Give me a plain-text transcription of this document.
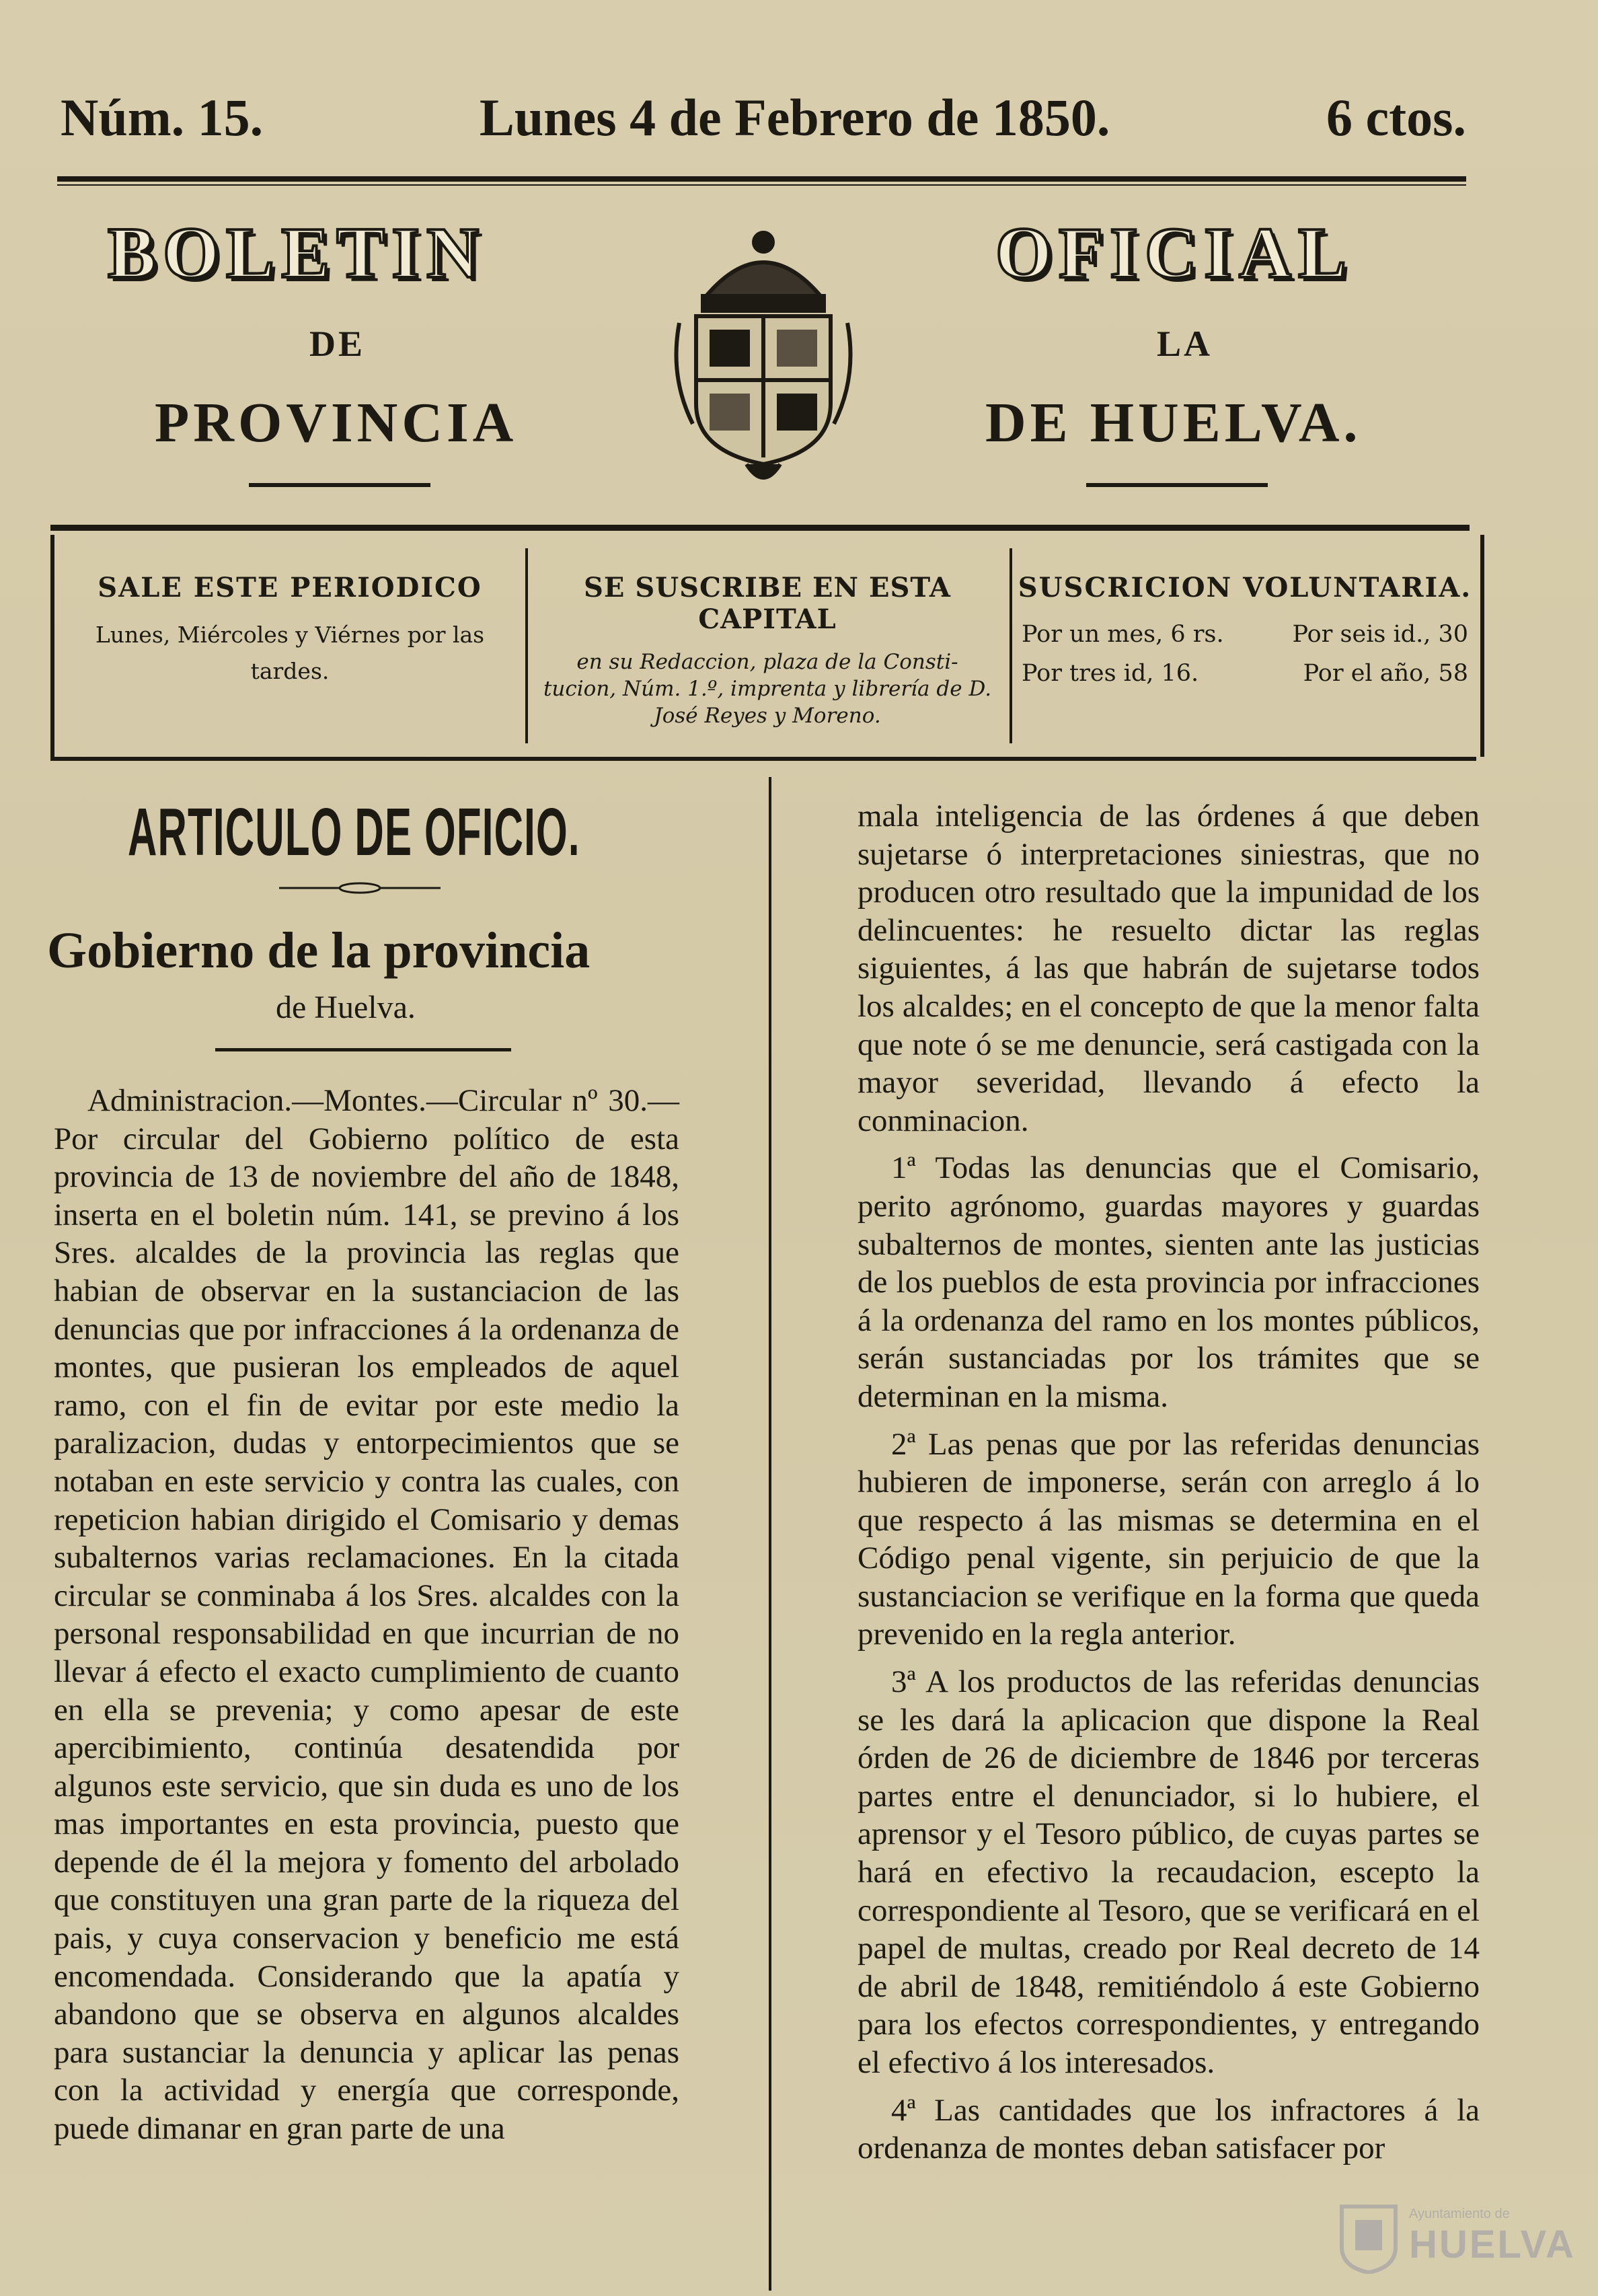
Núm. 15.	Lunes 4 de Febrero de 1850.	6 ctos.
BOLETIN	OFICIAL
DE	LA
PROVINCIA	DE HUELVA.
SALE ESTE PERIODICO
Lunes, Miércoles y Viérnes por las tardes.
SE SUSCRIBE EN ESTA CAPITAL
en su Redaccion, plaza de la Consti-tucion, Núm. 1.º, imprenta y librería de D. José Reyes y Moreno.
SUSCRICION VOLUNTARIA.
Por un mes, 6 rs.	Por seis id., 30
Por tres id, 16.	Por el año, 58
ARTICULO DE OFICIO.
Gobierno de la provincia
de Huelva.

Administracion.—Montes.—Circular nº 30.—Por circular del Gobierno político de esta provincia de 13 de noviembre del año de 1848, inserta en el boletin núm. 141, se previno á los Sres. alcaldes de la provincia las reglas que habian de observar en la sustanciacion de las denuncias que por infracciones á la ordenanza de montes, que pusieran los empleados de aquel ramo, con el fin de evitar por este medio la paralizacion, dudas y entorpecimientos que se notaban en este servicio y contra las cuales, con repeticion habian dirigido el Comisario y demas subalternos varias reclamaciones. En la citada circular se conminaba á los Sres. alcaldes con la personal responsabilidad en que incurrian de no llevar á efecto el exacto cumplimiento de cuanto en ella se prevenia; y como apesar de este apercibimiento, continúa desatendida por algunos este servicio, que sin duda es uno de los mas importantes en esta provincia, puesto que depende de él la mejora y fomento del arbolado que constituyen una gran parte de la riqueza del pais, y cuya conservacion y beneficio me está encomendada. Considerando que la apatía y abandono que se observa en algunos alcaldes para sustanciar la denuncia y aplicar las penas con la actividad y energía que corresponde, puede dimanar en gran parte de una

mala inteligencia de las órdenes á que deben sujetarse ó interpretaciones siniestras, que no producen otro resultado que la impunidad de los delincuentes: he resuelto dictar las reglas siguientes, á las que habrán de sujetarse todos los alcaldes; en el concepto de que la menor falta que note ó se me denuncie, será castigada con la mayor severidad, llevando á efecto la conminacion.

1ª Todas las denuncias que el Comisario, perito agrónomo, guardas mayores y guardas subalternos de montes, sienten ante las justicias de los pueblos de esta provincia por infracciones á la ordenanza del ramo en los montes públicos, serán sustanciadas por los trámites que se determinan en la misma.

2ª Las penas que por las referidas denuncias hubieren de imponerse, serán con arreglo á lo que respecto á las mismas se determina en el Código penal vigente, sin perjuicio de que la sustanciacion se verifique en la forma que queda prevenido en la regla anterior.

3ª A los productos de las referidas denuncias se les dará la aplicacion que dispone la Real órden de 26 de diciembre de 1846 por terceras partes entre el denunciador, si lo hubiere, el aprensor y el Tesoro público, de cuyas partes se hará en efectivo la recaudacion, escepto la correspondiente al Tesoro, que se verificará en el papel de multas, creado por Real decreto de 14 de abril de 1848, remitiéndolo á este Gobierno para los efectos correspondientes, y entregando el efectivo á los interesados.

4ª Las cantidades que los infractores á la ordenanza de montes deban satisfacer por

Ayuntamiento de
HUELVA
